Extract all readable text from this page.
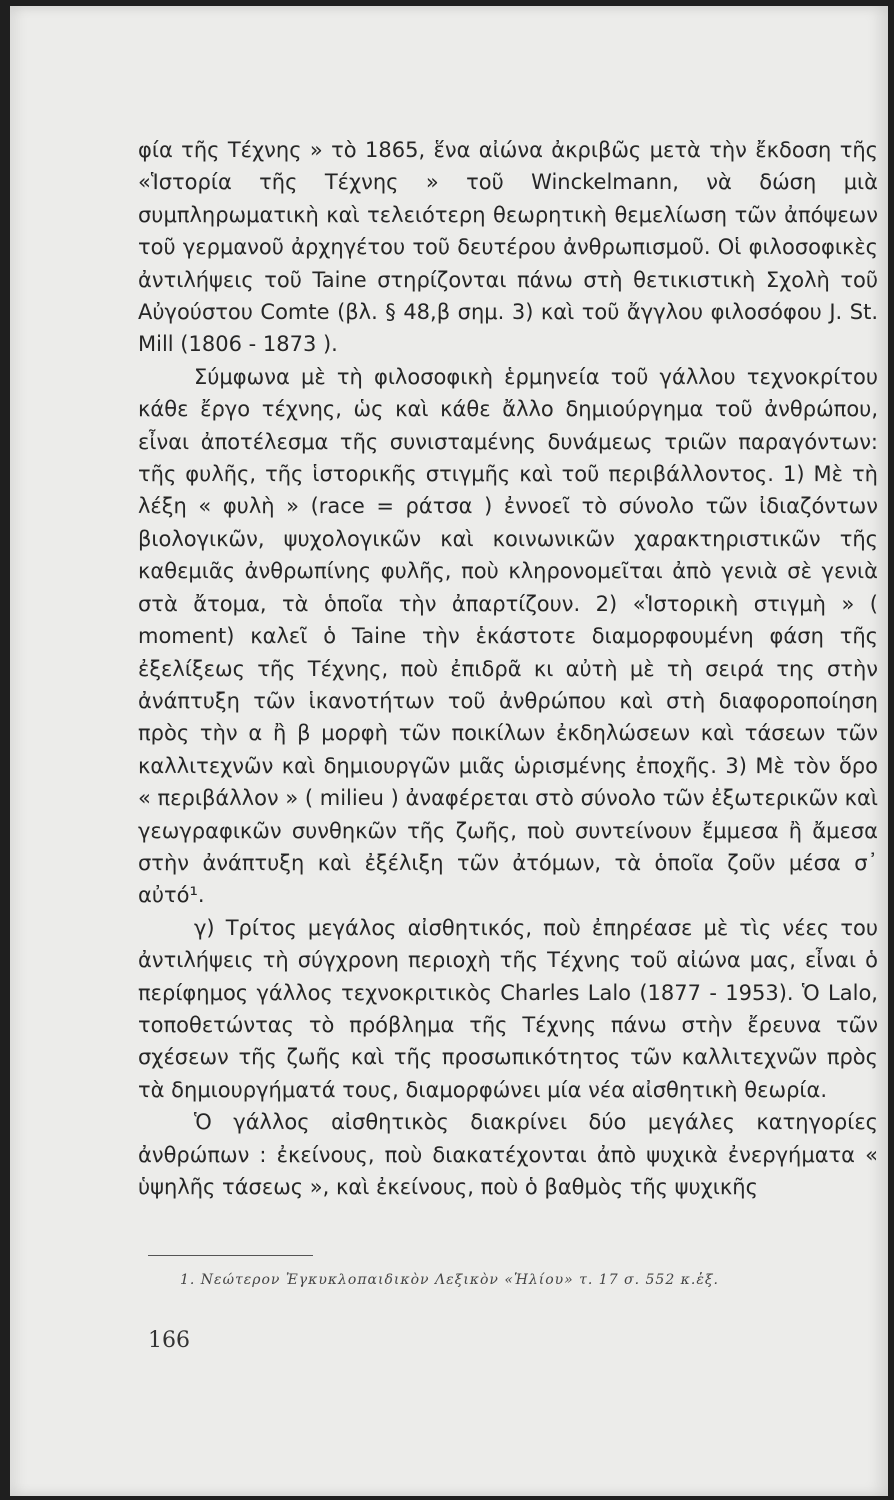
φία τῆς Τέχνης » τὸ 1865, ἕνα αἰώνα ἀκριβῶς μετὰ τὴν ἔκδοση τῆς «Ἱστορία τῆς Τέχνης » τοῦ Winckelmann, νὰ δώση μιὰ συμπληρωματικὴ καὶ τελειότερη θεωρητικὴ θεμελίωση τῶν ἀπόψεων τοῦ γερμανοῦ ἀρχηγέτου τοῦ δευτέρου ἀνθρωπισμοῦ. Οἱ φιλοσοφικὲς ἀντιλήψεις τοῦ Taine στηρίζονται πάνω στὴ θετικιστικὴ Σχολὴ τοῦ Αὐγούστου Comte (βλ. § 48,β σημ. 3) καὶ τοῦ ἄγγλου φιλοσόφου J. St. Mill (1806 - 1873 ).

Σύμφωνα μὲ τὴ φιλοσοφικὴ ἑρμηνεία τοῦ γάλλου τεχνοκρίτου κάθε ἔργο τέχνης, ὡς καὶ κάθε ἄλλο δημιούργημα τοῦ ἀνθρώπου, εἶναι ἀποτέλεσμα τῆς συνισταμένης δυνάμεως τριῶν παραγόντων: τῆς φυλῆς, τῆς ἱστορικῆς στιγμῆς καὶ τοῦ περιβάλλοντος. 1) Μὲ τὴ λέξη « φυλὴ » (race = ράτσα ) ἐννοεῖ τὸ σύνολο τῶν ἰδιαζόντων βιολογικῶν, ψυχολογικῶν καὶ κοινωνικῶν χαρακτηριστικῶν τῆς καθεμιᾶς ἀνθρωπίνης φυλῆς, ποὺ κληρονομεῖται ἀπὸ γενιὰ σὲ γενιὰ στὰ ἄτομα, τὰ ὁποῖα τὴν ἀπαρτίζουν. 2) «Ἱστορικὴ στιγμὴ » ( moment) καλεῖ ὁ Taine τὴν ἑκάστοτε διαμορφουμένη φάση τῆς ἐξελίξεως τῆς Τέχνης, ποὺ ἐπιδρᾶ κι αὐτὴ μὲ τὴ σειρά της στὴν ἀνάπτυξη τῶν ἱκανοτήτων τοῦ ἀνθρώπου καὶ στὴ διαφοροποίηση πρὸς τὴν α ἢ β μορφὴ τῶν ποικίλων ἐκδηλώσεων καὶ τάσεων τῶν καλλιτεχνῶν καὶ δημιουργῶν μιᾶς ὡρισμένης ἐποχῆς. 3) Μὲ τὸν ὅρο « περιβάλλον » ( milieu ) ἀναφέρεται στὸ σύνολο τῶν ἐξωτερικῶν καὶ γεωγραφικῶν συνθηκῶν τῆς ζωῆς, ποὺ συντείνουν ἔμμεσα ἢ ἄμεσα στὴν ἀνάπτυξη καὶ ἐξέλιξη τῶν ἀτόμων, τὰ ὁποῖα ζοῦν μέσα σ᾽ αὐτό¹.

γ) Τρίτος μεγάλος αἰσθητικός, ποὺ ἐπηρέασε μὲ τὶς νέες του ἀντιλήψεις τὴ σύγχρονη περιοχὴ τῆς Τέχνης τοῦ αἰώνα μας, εἶναι ὁ περίφημος γάλλος τεχνοκριτικὸς Charles Lalo (1877 - 1953). Ὁ Lalo, τοποθετώντας τὸ πρόβλημα τῆς Τέχνης πάνω στὴν ἔρευνα τῶν σχέσεων τῆς ζωῆς καὶ τῆς προσωπικότητος τῶν καλλιτεχνῶν πρὸς τὰ δημιουργήματά τους, διαμορφώνει μία νέα αἰσθητικὴ θεωρία.

Ὁ γάλλος αἰσθητικὸς διακρίνει δύο μεγάλες κατηγορίες ἀνθρώπων : ἐκείνους, ποὺ διακατέχονται ἀπὸ ψυχικὰ ἐνεργήματα « ὑψηλῆς τάσεως », καὶ ἐκείνους, ποὺ ὁ βαθμὸς τῆς ψυχικῆς

1. Νεώτερον Ἐγκυκλοπαιδικὸν Λεξικὸν «Ἡλίου» τ. 17 σ. 552 κ.ἑξ.
166
